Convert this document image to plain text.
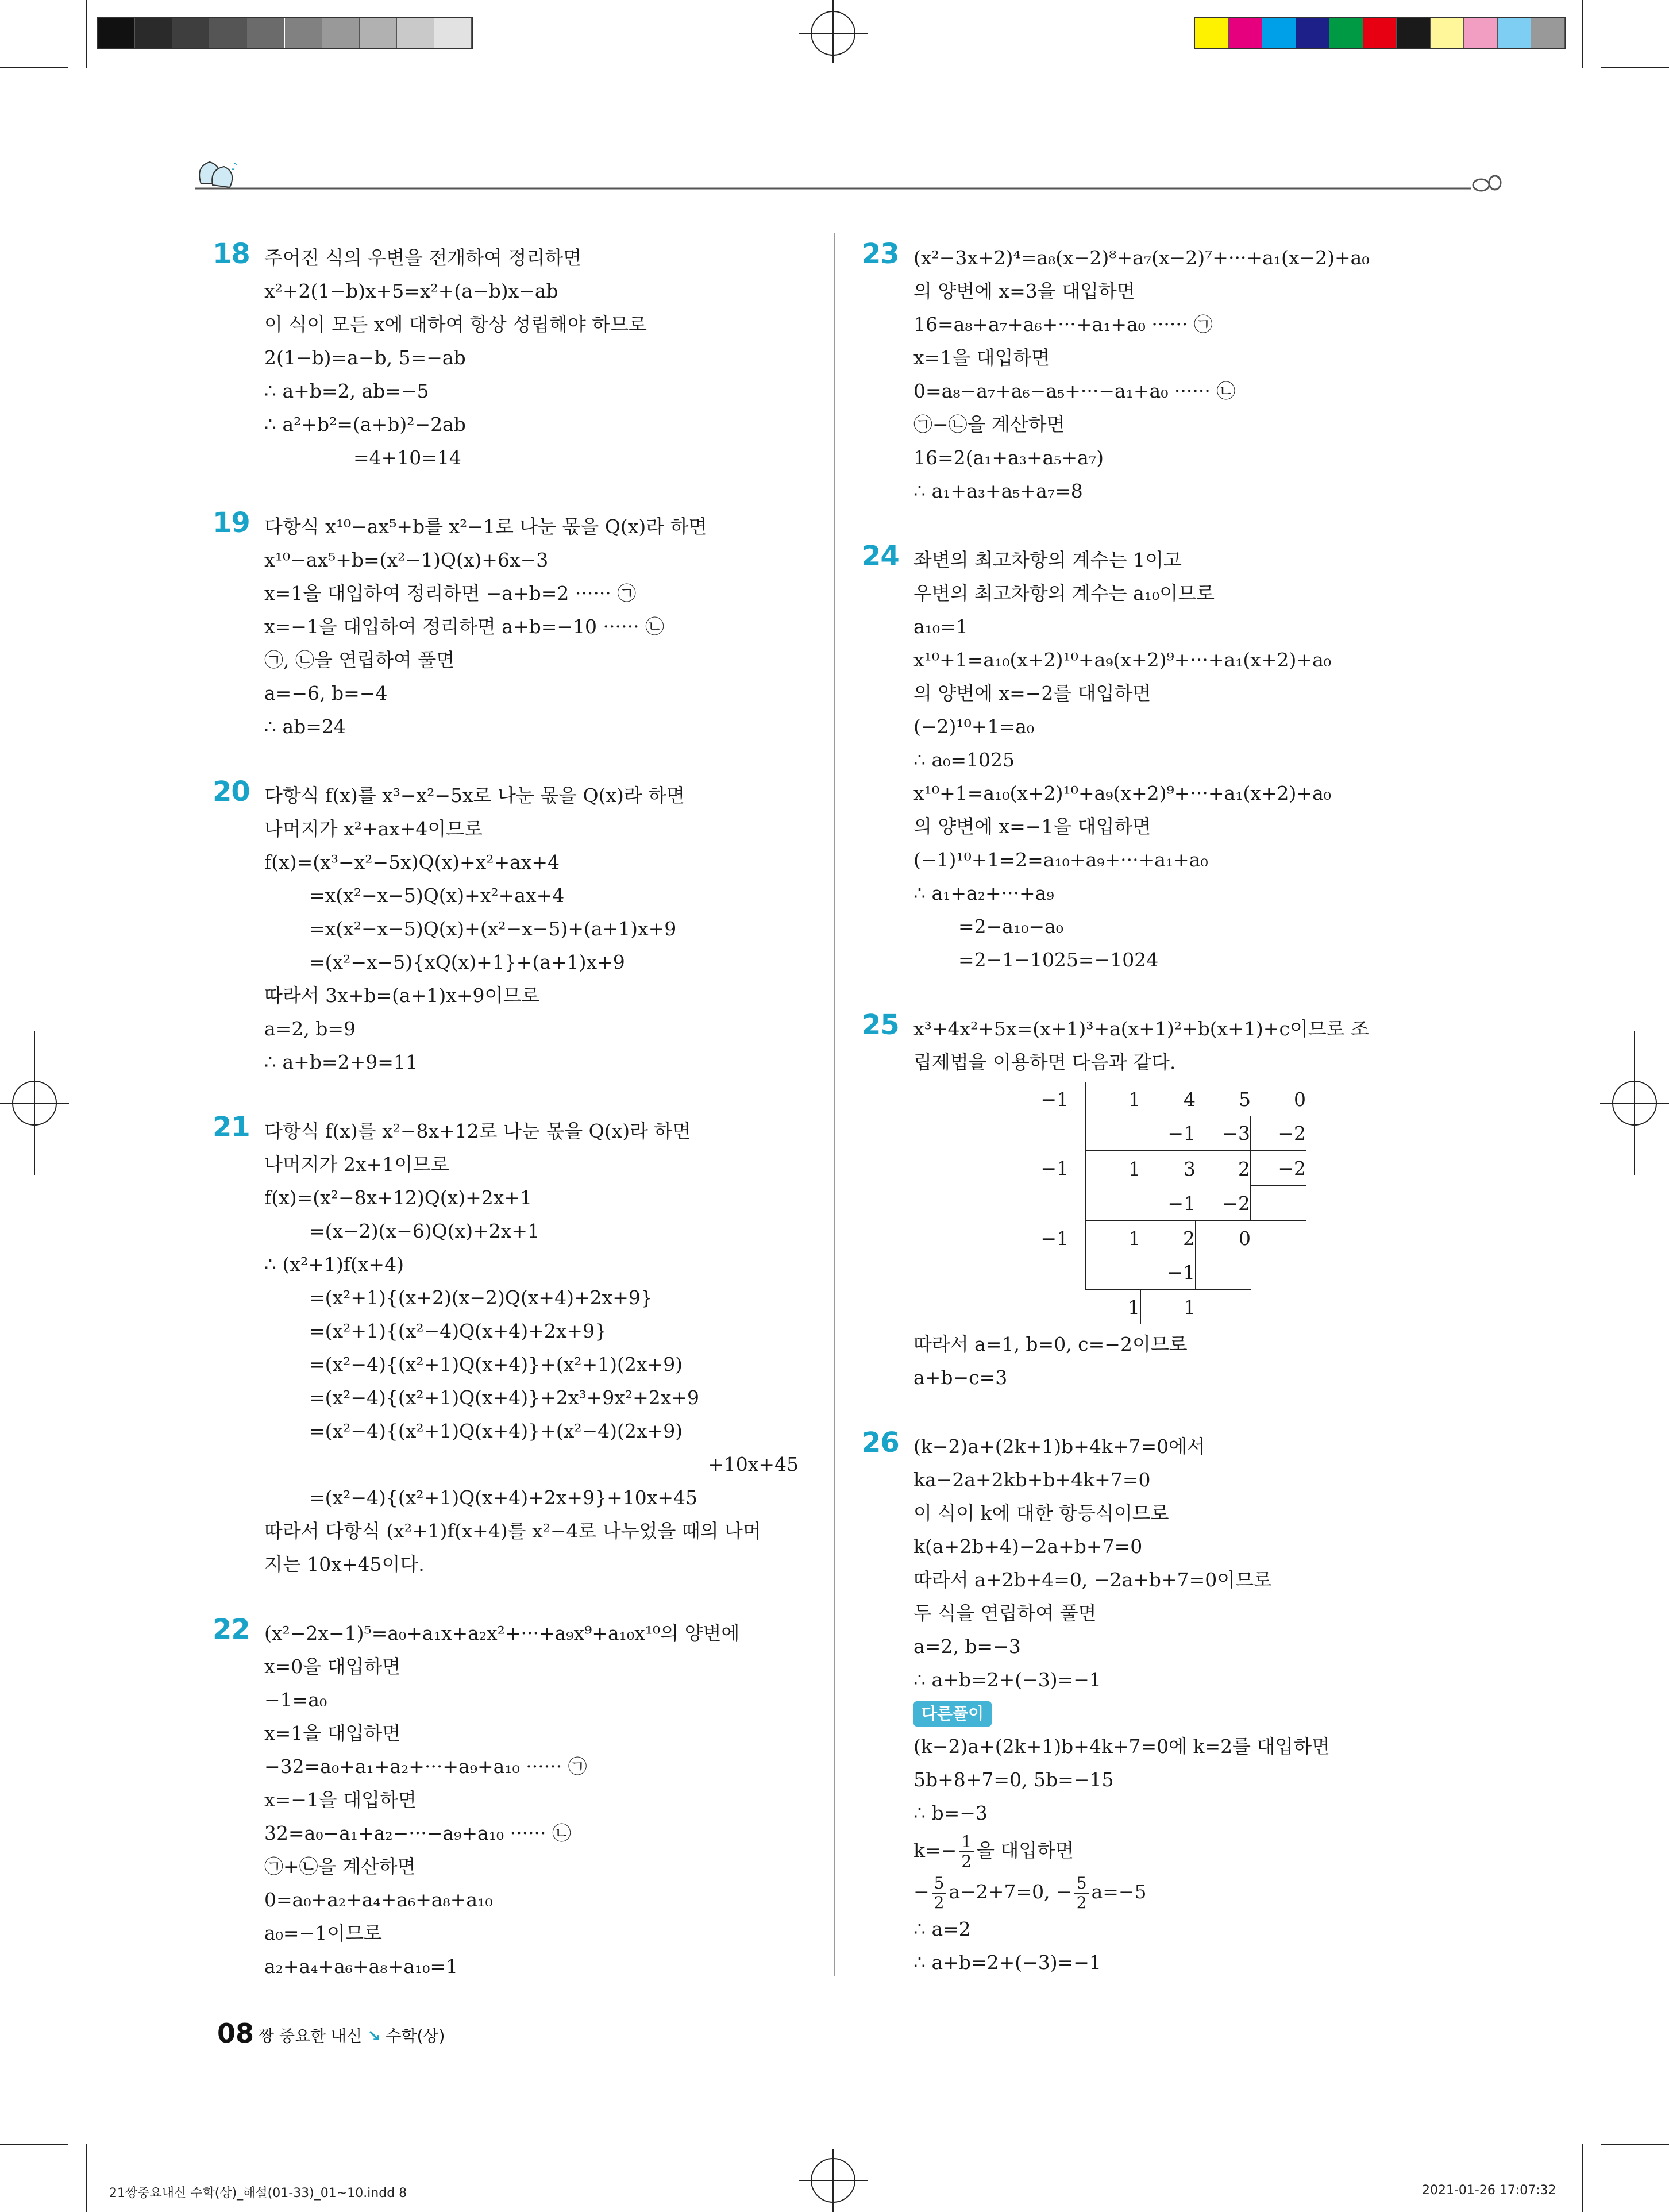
♪
18 주어진 식의 우변을 전개하여 정리하면
x²+2(1−b)x+5=x²+(a−b)x−ab
이 식이 모든 x에 대하여 항상 성립해야 하므로
2(1−b)=a−b, 5=−ab
∴ a+b=2, ab=−5
∴ a²+b²=(a+b)²−2ab
=4+10=14
19 다항식 x¹⁰−ax⁵+b를 x²−1로 나눈 몫을 Q(x)라 하면
x¹⁰−ax⁵+b=(x²−1)Q(x)+6x−3
x=1을 대입하여 정리하면 −a+b=2 ······ ㉠
x=−1을 대입하여 정리하면 a+b=−10 ······ ㉡
㉠, ㉡을 연립하여 풀면
a=−6, b=−4
∴ ab=24
20 다항식 f(x)를 x³−x²−5x로 나눈 몫을 Q(x)라 하면
나머지가 x²+ax+4이므로
f(x)=(x³−x²−5x)Q(x)+x²+ax+4
=x(x²−x−5)Q(x)+x²+ax+4
=x(x²−x−5)Q(x)+(x²−x−5)+(a+1)x+9
=(x²−x−5){xQ(x)+1}+(a+1)x+9
따라서 3x+b=(a+1)x+9이므로
a=2, b=9
∴ a+b=2+9=11
21 다항식 f(x)를 x²−8x+12로 나눈 몫을 Q(x)라 하면
나머지가 2x+1이므로
f(x)=(x²−8x+12)Q(x)+2x+1
=(x−2)(x−6)Q(x)+2x+1
∴ (x²+1)f(x+4)
=(x²+1){(x+2)(x−2)Q(x+4)+2x+9}
=(x²+1){(x²−4)Q(x+4)+2x+9}
=(x²−4){(x²+1)Q(x+4)}+(x²+1)(2x+9)
=(x²−4){(x²+1)Q(x+4)}+2x³+9x²+2x+9
=(x²−4){(x²+1)Q(x+4)}+(x²−4)(2x+9)
+10x+45
=(x²−4){(x²+1)Q(x+4)+2x+9}+10x+45
따라서 다항식 (x²+1)f(x+4)를 x²−4로 나누었을 때의 나머
지는 10x+45이다.
22 (x²−2x−1)⁵=a₀+a₁x+a₂x²+···+a₉x⁹+a₁₀x¹⁰의 양변에
x=0을 대입하면
−1=a₀
x=1을 대입하면
−32=a₀+a₁+a₂+···+a₉+a₁₀ ······ ㉠
x=−1을 대입하면
32=a₀−a₁+a₂−···−a₉+a₁₀ ······ ㉡
㉠+㉡을 계산하면
0=a₀+a₂+a₄+a₆+a₈+a₁₀
a₀=−1이므로
a₂+a₄+a₆+a₈+a₁₀=1
23 (x²−3x+2)⁴=a₈(x−2)⁸+a₇(x−2)⁷+···+a₁(x−2)+a₀
의 양변에 x=3을 대입하면
16=a₈+a₇+a₆+···+a₁+a₀ ······ ㉠
x=1을 대입하면
0=a₈−a₇+a₆−a₅+···−a₁+a₀ ······ ㉡
㉠−㉡을 계산하면
16=2(a₁+a₃+a₅+a₇)
∴ a₁+a₃+a₅+a₇=8
24 좌변의 최고차항의 계수는 1이고
우변의 최고차항의 계수는 a₁₀이므로
a₁₀=1
x¹⁰+1=a₁₀(x+2)¹⁰+a₉(x+2)⁹+···+a₁(x+2)+a₀
의 양변에 x=−2를 대입하면
(−2)¹⁰+1=a₀
∴ a₀=1025
x¹⁰+1=a₁₀(x+2)¹⁰+a₉(x+2)⁹+···+a₁(x+2)+a₀
의 양변에 x=−1을 대입하면
(−1)¹⁰+1=2=a₁₀+a₉+···+a₁+a₀
∴ a₁+a₂+···+a₉
=2−a₁₀−a₀
=2−1−1025=−1024
25 x³+4x²+5x=(x+1)³+a(x+1)²+b(x+1)+c이므로 조
립제법을 이용하면 다음과 같다.
−1	1	4	5	0
		−1	−3	−2
−1	1	3	2	−2
		−1	−2	
−1	1	2	0	
		−1		
	1	1		
따라서 a=1, b=0, c=−2이므로
a+b−c=3
26 (k−2)a+(2k+1)b+4k+7=0에서
ka−2a+2kb+b+4k+7=0
이 식이 k에 대한 항등식이므로
k(a+2b+4)−2a+b+7=0
따라서 a+2b+4=0, −2a+b+7=0이므로
두 식을 연립하여 풀면
a=2, b=−3
∴ a+b=2+(−3)=−1
다른풀이
(k−2)a+(2k+1)b+4k+7=0에 k=2를 대입하면
5b+8+7=0, 5b=−15
∴ b=−3
$k=- \frac{1}{2}$ 을 대입하면
− $\frac{5}{2} a-2+7=0$, − $\frac{5}{2} a=-5$
∴ a=2
∴ a+b=2+(−3)=−1
08 짱 중요한 내신 ↘ 수학(상)
21짱중요내신 수학(상)_해설(01-33)_01~10.indd 8	2021-01-26 17:07:32
